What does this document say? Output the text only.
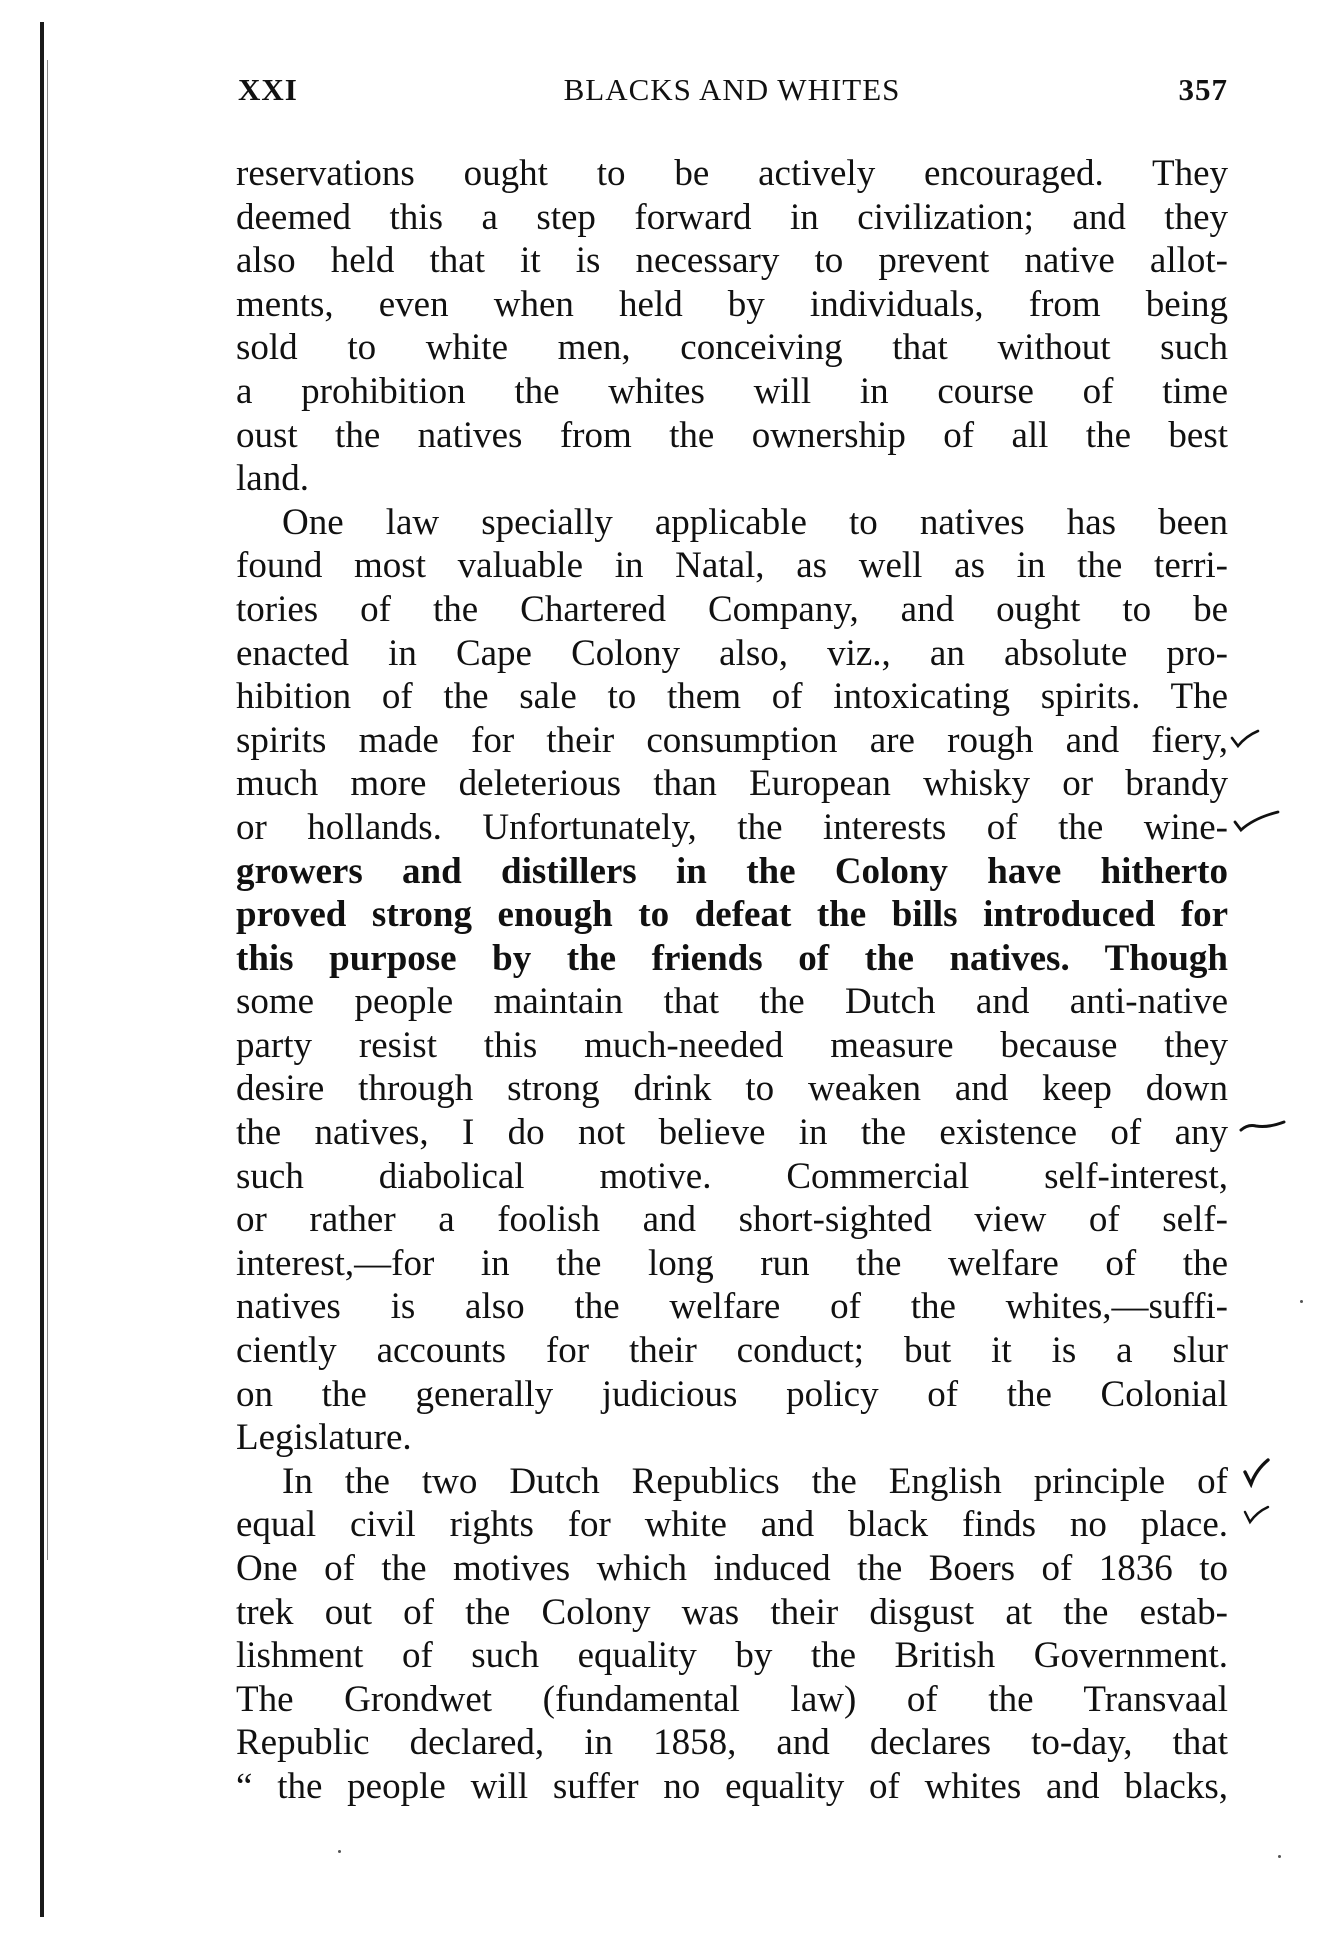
XXI	BLACKS AND WHITES	357
reservations ought to be actively encouraged. They
deemed this a step forward in civilization; and they
also held that it is necessary to prevent native allot-
ments, even when held by individuals, from being
sold to white men, conceiving that without such
a prohibition the whites will in course of time
oust the natives from the ownership of all the best
land.
One law specially applicable to natives has been
found most valuable in Natal, as well as in the terri-
tories of the Chartered Company, and ought to be
enacted in Cape Colony also, viz., an absolute pro-
hibition of the sale to them of intoxicating spirits. The
spirits made for their consumption are rough and fiery,
much more deleterious than European whisky or brandy
or hollands. Unfortunately, the interests of the wine-
growers and distillers in the Colony have hitherto
proved strong enough to defeat the bills introduced for
this purpose by the friends of the natives. Though
some people maintain that the Dutch and anti-native
party resist this much-needed measure because they
desire through strong drink to weaken and keep down
the natives, I do not believe in the existence of any
such diabolical motive. Commercial self-interest,
or rather a foolish and short-sighted view of self-
interest,—for in the long run the welfare of the
natives is also the welfare of the whites,—suffi-
ciently accounts for their conduct; but it is a slur
on the generally judicious policy of the Colonial
Legislature.
In the two Dutch Republics the English principle of
equal civil rights for white and black finds no place.
One of the motives which induced the Boers of 1836 to
trek out of the Colony was their disgust at the estab-
lishment of such equality by the British Government.
The Grondwet (fundamental law) of the Transvaal
Republic declared, in 1858, and declares to-day, that
“ the people will suffer no equality of whites and blacks,
